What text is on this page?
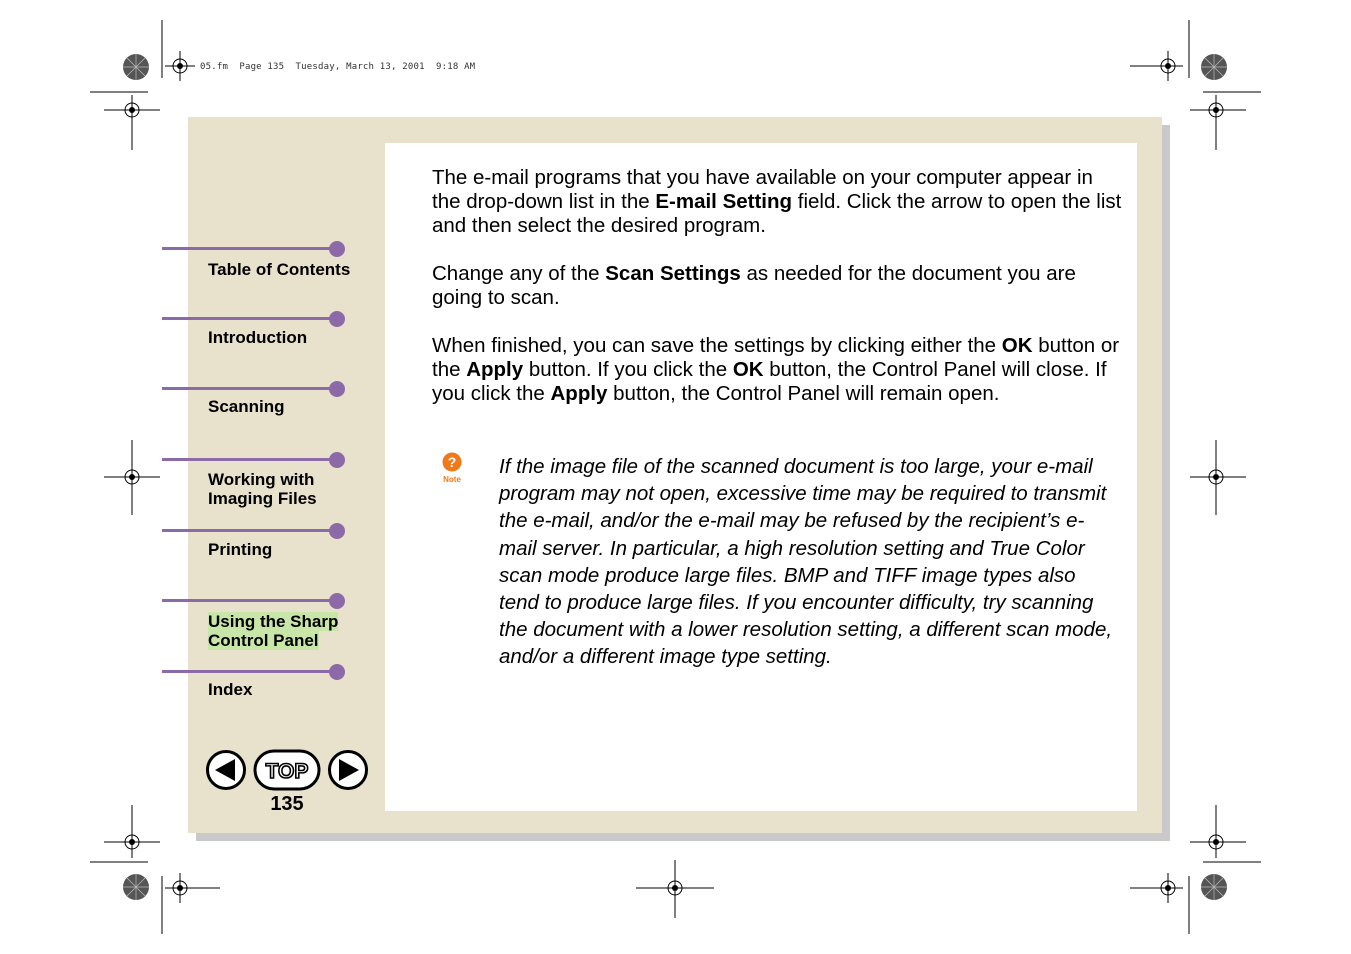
05.fm  Page 135  Tuesday, March 13, 2001  9:18 AM
Table of Contents
Introduction
Scanning
Working with
Imaging Files
Printing
Using the Sharp
Control Panel
Index
TOP
135
The e-mail programs that you have available on your computer appear in the drop-down list in the E-mail Setting field. Click the arrow to open the list and then select the desired program.
Change any of the Scan Settings as needed for the document you are going to scan.
When finished, you can save the settings by clicking either the OK button or the Apply button. If you click the OK button, the Control Panel will close. If you click the Apply button, the Control Panel will remain open.
?
Note
If the image file of the scanned document is too large, your e-mail program may not open, excessive time may be required to transmit the e-mail, and/or the e-mail may be refused by the recipient’s e-mail server. In particular, a high resolution setting and True Color scan mode produce large files. BMP and TIFF image types also tend to produce large files. If you encounter difficulty, try scanning the document with a lower resolution setting, a different scan mode, and/or a different image type setting.
